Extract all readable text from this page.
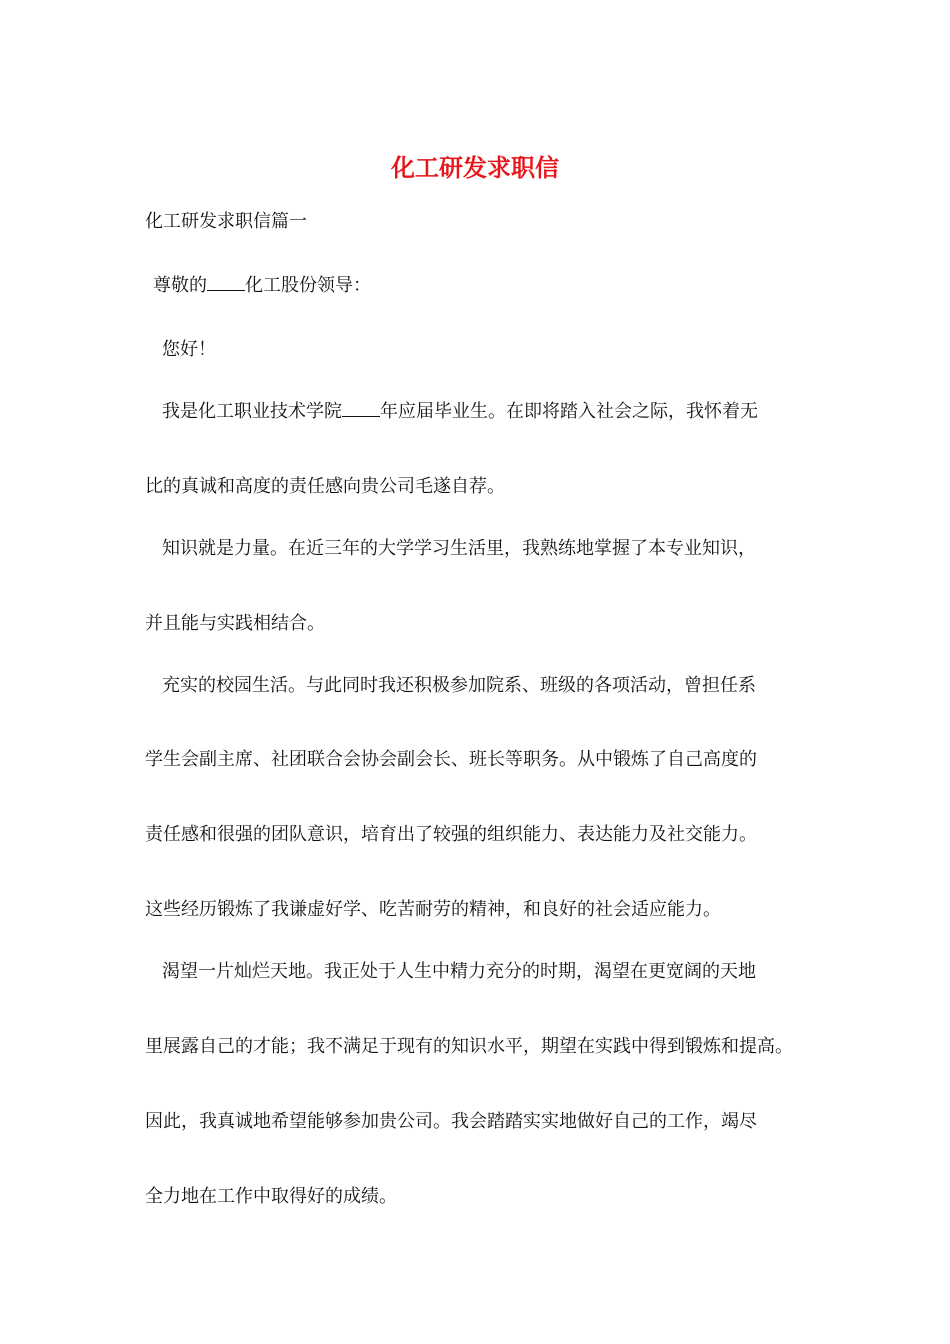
化工研发求职信
化工研发求职信篇一
尊敬的 化工股份领导：
您好！
我是化工职业技术学院 年应届毕业生。在即将踏入社会之际，我怀着无
比的真诚和高度的责任感向贵公司毛遂自荐。
知识就是力量。在近三年的大学学习生活里，我熟练地掌握了本专业知识，
并且能与实践相结合。
充实的校园生活。与此同时我还积极参加院系、班级的各项活动，曾担任系
学生会副主席、社团联合会协会副会长、班长等职务。从中锻炼了自己高度的
责任感和很强的团队意识，培育出了较强的组织能力、表达能力及社交能力。
这些经历锻炼了我谦虚好学、吃苦耐劳的精神，和良好的社会适应能力。
渴望一片灿烂天地。我正处于人生中精力充分的时期，渴望在更宽阔的天地
里展露自己的才能；我不满足于现有的知识水平，期望在实践中得到锻炼和提高。
因此，我真诚地希望能够参加贵公司。我会踏踏实实地做好自己的工作，竭尽
全力地在工作中取得好的成绩。
